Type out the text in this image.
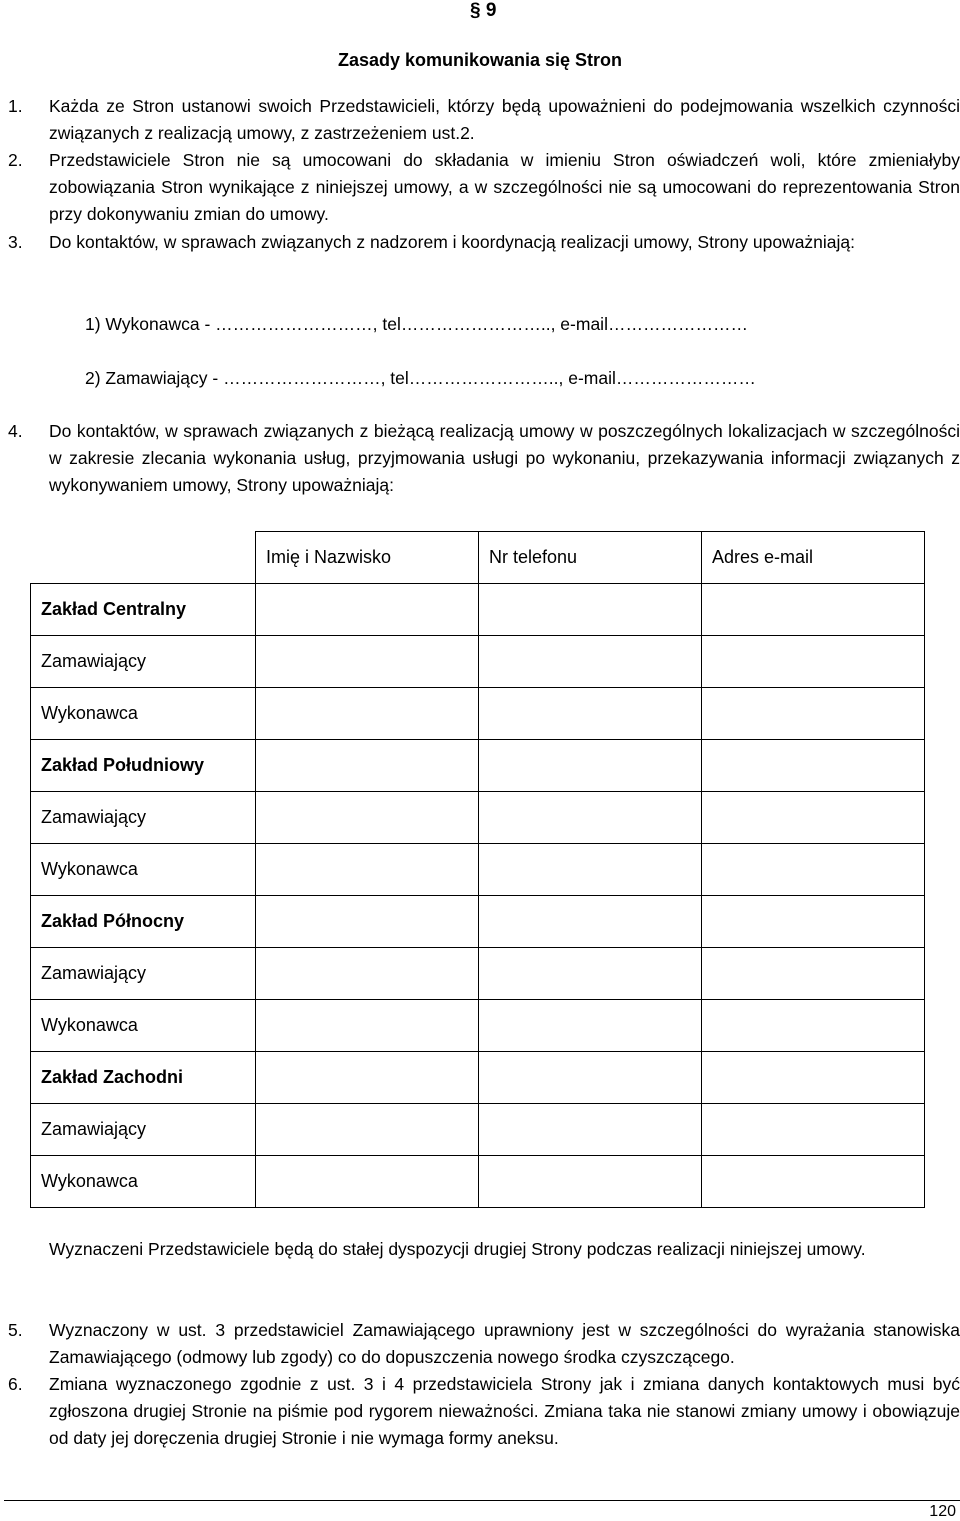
§ 9
Zasady komunikowania się Stron
1. Każda ze Stron ustanowi swoich Przedstawicieli, którzy będą upoważnieni do podejmowania wszelkich czynności związanych z realizacją umowy, z zastrzeżeniem ust.2.
2. Przedstawiciele Stron nie są umocowani do składania w imieniu Stron oświadczeń woli, które zmieniałyby zobowiązania Stron wynikające z niniejszej umowy, a w szczególności nie są umocowani do reprezentowania Stron przy dokonywaniu zmian do umowy.
3. Do kontaktów, w sprawach związanych z nadzorem i koordynacją realizacji umowy, Strony upoważniają:
1) Wykonawca - ………………………, tel…………………….., e-mail……………………
2) Zamawiający - ………………………, tel…………………….., e-mail……………………
4. Do kontaktów, w sprawach związanych z bieżącą realizacją umowy w poszczególnych lokalizacjach w szczególności w zakresie zlecania wykonania usług, przyjmowania usługi po wykonaniu, przekazywania informacji związanych z wykonywaniem umowy, Strony upoważniają:
	Imię i Nazwisko	Nr telefonu	Adres e-mail
Zakład Centralny			
Zamawiający			
Wykonawca			
Zakład Południowy			
Zamawiający			
Wykonawca			
Zakład Północny			
Zamawiający			
Wykonawca			
Zakład Zachodni			
Zamawiający			
Wykonawca			
Wyznaczeni Przedstawiciele będą do stałej dyspozycji drugiej Strony podczas realizacji niniejszej umowy.
5. Wyznaczony w ust. 3 przedstawiciel Zamawiającego uprawniony jest w szczególności do wyrażania stanowiska Zamawiającego (odmowy lub zgody) co do dopuszczenia nowego środka czyszczącego.
6. Zmiana wyznaczonego zgodnie z ust. 3 i 4 przedstawiciela Strony jak i zmiana danych kontaktowych musi być zgłoszona drugiej Stronie na piśmie pod rygorem nieważności. Zmiana taka nie stanowi zmiany umowy i obowiązuje od daty jej doręczenia drugiej Stronie i nie wymaga formy aneksu.
120
